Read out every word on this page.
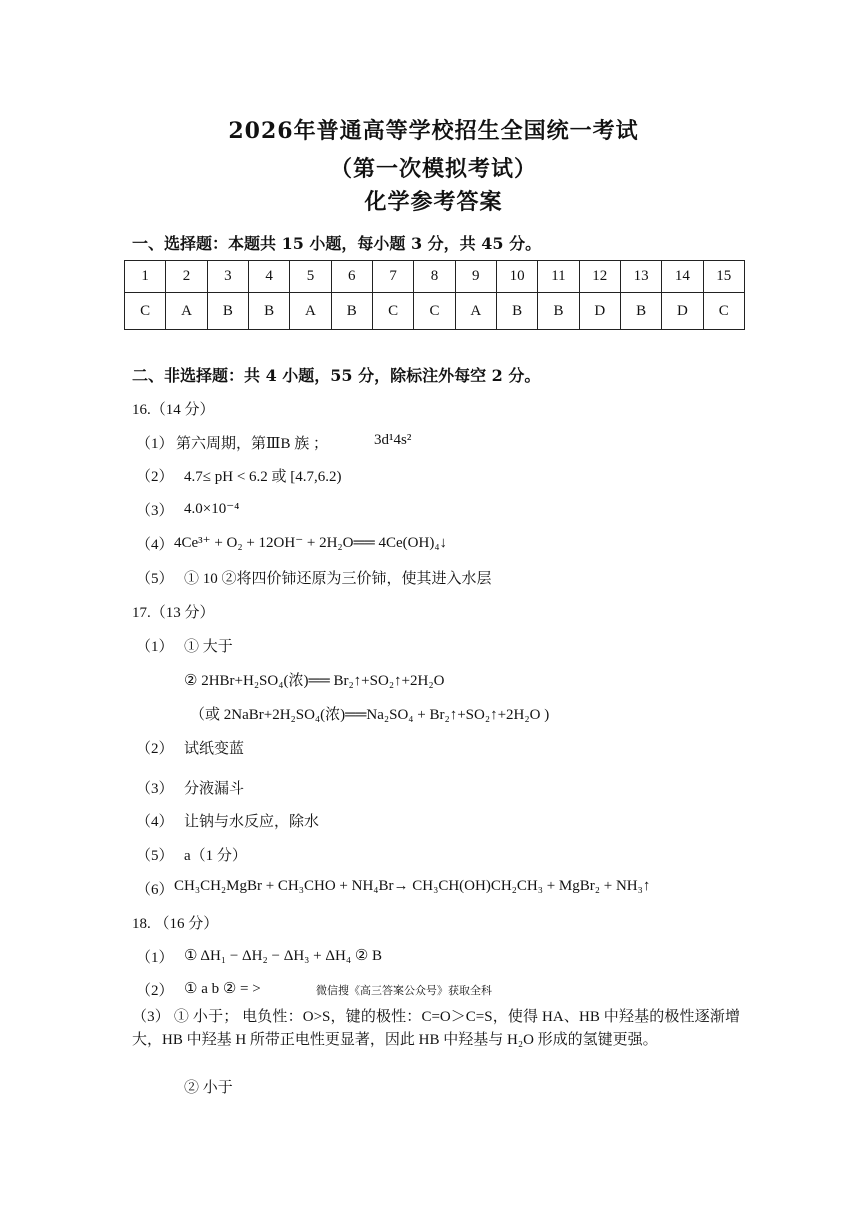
2026年普通高等学校招生全国统一考试
（第一次模拟考试）
化学参考答案
一、选择题：本题共 15 小题，每小题 3 分，共 45 分。
1	2	3	4	5	6	7	8	9	10	11	12	13	14	15
C	A	B	B	A	B	C	C	A	B	B	D	B	D	C
二、非选择题：共 4 小题，55 分，除标注外每空 2 分。
16.（14 分）
（1） 第六周期，第ⅢB 族 ；	3d¹4s²
（2） 4.7≤ pH < 6.2 或 [4.7,6.2)
（3） 4.0×10⁻⁴
（4） 4Ce³⁺ + O₂ + 12OH⁻ + 2H₂O══ 4Ce(OH)₄↓
（5） ① 10 ②将四价铈还原为三价铈，使其进入水层
17.（13 分）
（1） ① 大于
② 2HBr+H₂SO₄(浓)══ Br₂↑+SO₂↑+2H₂O
（或 2NaBr+2H₂SO₄(浓)══Na₂SO₄ + Br₂↑+SO₂↑+2H₂O )
（2） 试纸变蓝
（3） 分液漏斗
（4） 让钠与水反应，除水
（5） a（1 分）
（6） CH₃CH₂MgBr + CH₃CHO + NH₄Br→ CH₃CH(OH)CH₂CH₃ + MgBr₂ + NH₃↑
18. （16 分）
（1） ① ΔH₁ − ΔH₂ − ΔH₃ + ΔH₄ ② B
（2） ① a b ② = >	微信搜《高三答案公众号》获取全科
（3） ① 小于； 电负性：O>S，键的极性：C=O＞C=S，使得 HA、HB 中羟基的极性逐渐增大，HB 中羟基 H 所带正电性更显著，因此 HB 中羟基与 H₂O 形成的氢键更强。
② 小于
